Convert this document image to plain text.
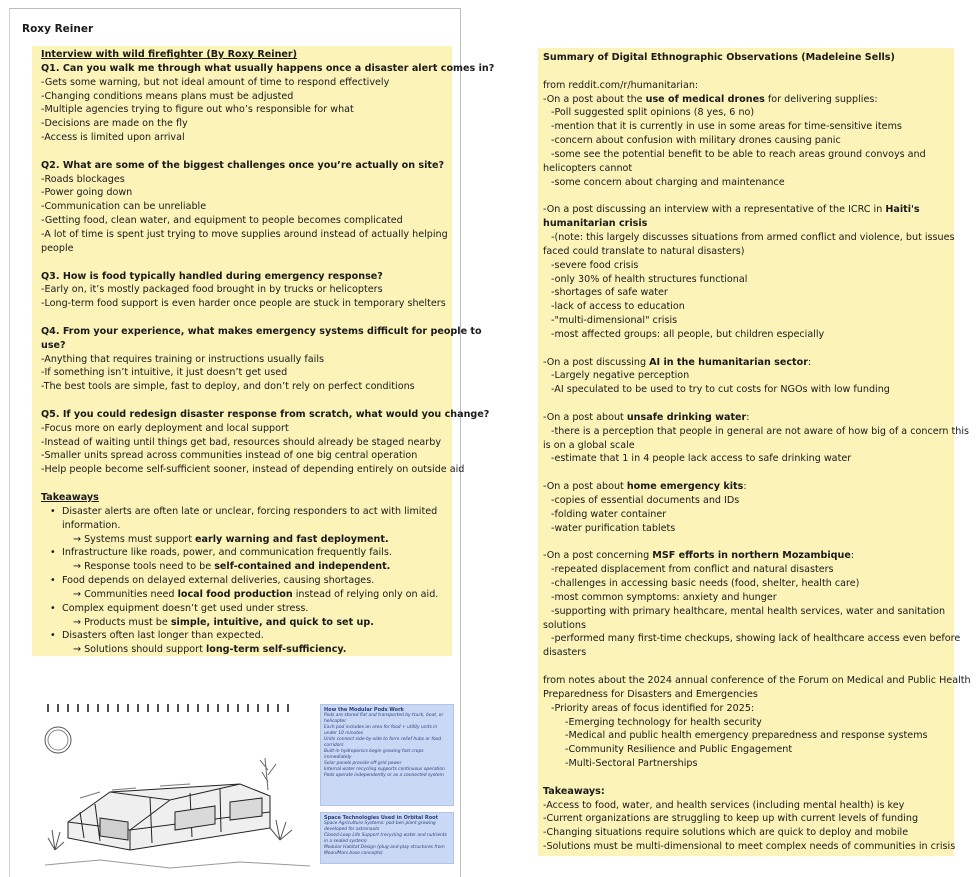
Roxy Reiner
Interview with wild firefighter (By Roxy Reiner)
Q1. Can you walk me through what usually happens once a disaster alert comes in?
-Gets some warning, but not ideal amount of time to respond effectively
-Changing conditions means plans must be adjusted
-Multiple agencies trying to figure out who’s responsible for what
-Decisions are made on the fly
-Access is limited upon arrival
Q2. What are some of the biggest challenges once you’re actually on site?
-Roads blockages
-Power going down
-Communication can be unreliable
-Getting food, clean water, and equipment to people becomes complicated
-A lot of time is spent just trying to move supplies around instead of actually helping
people
Q3. How is food typically handled during emergency response?
-Early on, it’s mostly packaged food brought in by trucks or helicopters
-Long-term food support is even harder once people are stuck in temporary shelters
Q4. From your experience, what makes emergency systems difficult for people to
use?
-Anything that requires training or instructions usually fails
-If something isn’t intuitive, it just doesn’t get used
-The best tools are simple, fast to deploy, and don’t rely on perfect conditions
Q5. If you could redesign disaster response from scratch, what would you change?
-Focus more on early deployment and local support
-Instead of waiting until things get bad, resources should already be staged nearby
-Smaller units spread across communities instead of one big central operation
-Help people become self-sufficient sooner, instead of depending entirely on outside aid
Takeaways
• Disaster alerts are often late or unclear, forcing responders to act with limited
information.
→ Systems must support early warning and fast deployment.
• Infrastructure like roads, power, and communication frequently fails.
→ Response tools need to be self-contained and independent.
• Food depends on delayed external deliveries, causing shortages.
→ Communities need local food production instead of relying only on aid.
• Complex equipment doesn’t get used under stress.
→ Products must be simple, intuitive, and quick to set up.
• Disasters often last longer than expected.
→ Solutions should support long-term self-sufficiency.
How the Modular Pods Work
Pods are stored flat and transported by truck, boat, or helicopter
Each pod includes an area for food + utility units in under 10 minutes
Units connect side-by-side to form relief hubs or food corridors
Built-in hydroponics begin growing fast crops immediately
Solar panels provide off-grid power
Internal water recycling supports continuous operation
Pods operate independently or as a connected system
Space Technologies Used in Orbital Root
Space Agriculture Systems: pod-ben plant growing developed for astronauts
Closed-Loop Life Support (recycling water and nutrients in a sealed system)
Modular Habitat Design (plug-and-play structures from Moon/Mars base concepts)
Summary of Digital Ethnographic Observations (Madeleine Sells)
from reddit.com/r/humanitarian:
-On a post about the use of medical drones for delivering supplies:
-Poll suggested split opinions (8 yes, 6 no)
-mention that it is currently in use in some areas for time-sensitive items
-concern about confusion with military drones causing panic
-some see the potential benefit to be able to reach areas ground convoys and
helicopters cannot
-some concern about charging and maintenance
-On a post discussing an interview with a representative of the ICRC in Haiti's
humanitarian crisis
-(note: this largely discusses situations from armed conflict and violence, but issues
faced could translate to natural disasters)
-severe food crisis
-only 30% of health structures functional
-shortages of safe water
-lack of access to education
-"multi-dimensional" crisis
-most affected groups: all people, but children especially
-On a post discussing AI in the humanitarian sector:
-Largely negative perception
-AI speculated to be used to try to cut costs for NGOs with low funding
-On a post about unsafe drinking water:
-there is a perception that people in general are not aware of how big of a concern this
is on a global scale
-estimate that 1 in 4 people lack access to safe drinking water
-On a post about home emergency kits:
-copies of essential documents and IDs
-folding water container
-water purification tablets
-On a post concerning MSF efforts in northern Mozambique:
-repeated displacement from conflict and natural disasters
-challenges in accessing basic needs (food, shelter, health care)
-most common symptoms: anxiety and hunger
-supporting with primary healthcare, mental health services, water and sanitation
solutions
-performed many first-time checkups, showing lack of healthcare access even before
disasters
from notes about the 2024 annual conference of the Forum on Medical and Public Health
Preparedness for Disasters and Emergencies
-Priority areas of focus identified for 2025:
-Emerging technology for health security
-Medical and public health emergency preparedness and response systems
-Community Resilience and Public Engagement
-Multi-Sectoral Partnerships
Takeaways:
-Access to food, water, and health services (including mental health) is key
-Current organizations are struggling to keep up with current levels of funding
-Changing situations require solutions which are quick to deploy and mobile
-Solutions must be multi-dimensional to meet complex needs of communities in crisis
